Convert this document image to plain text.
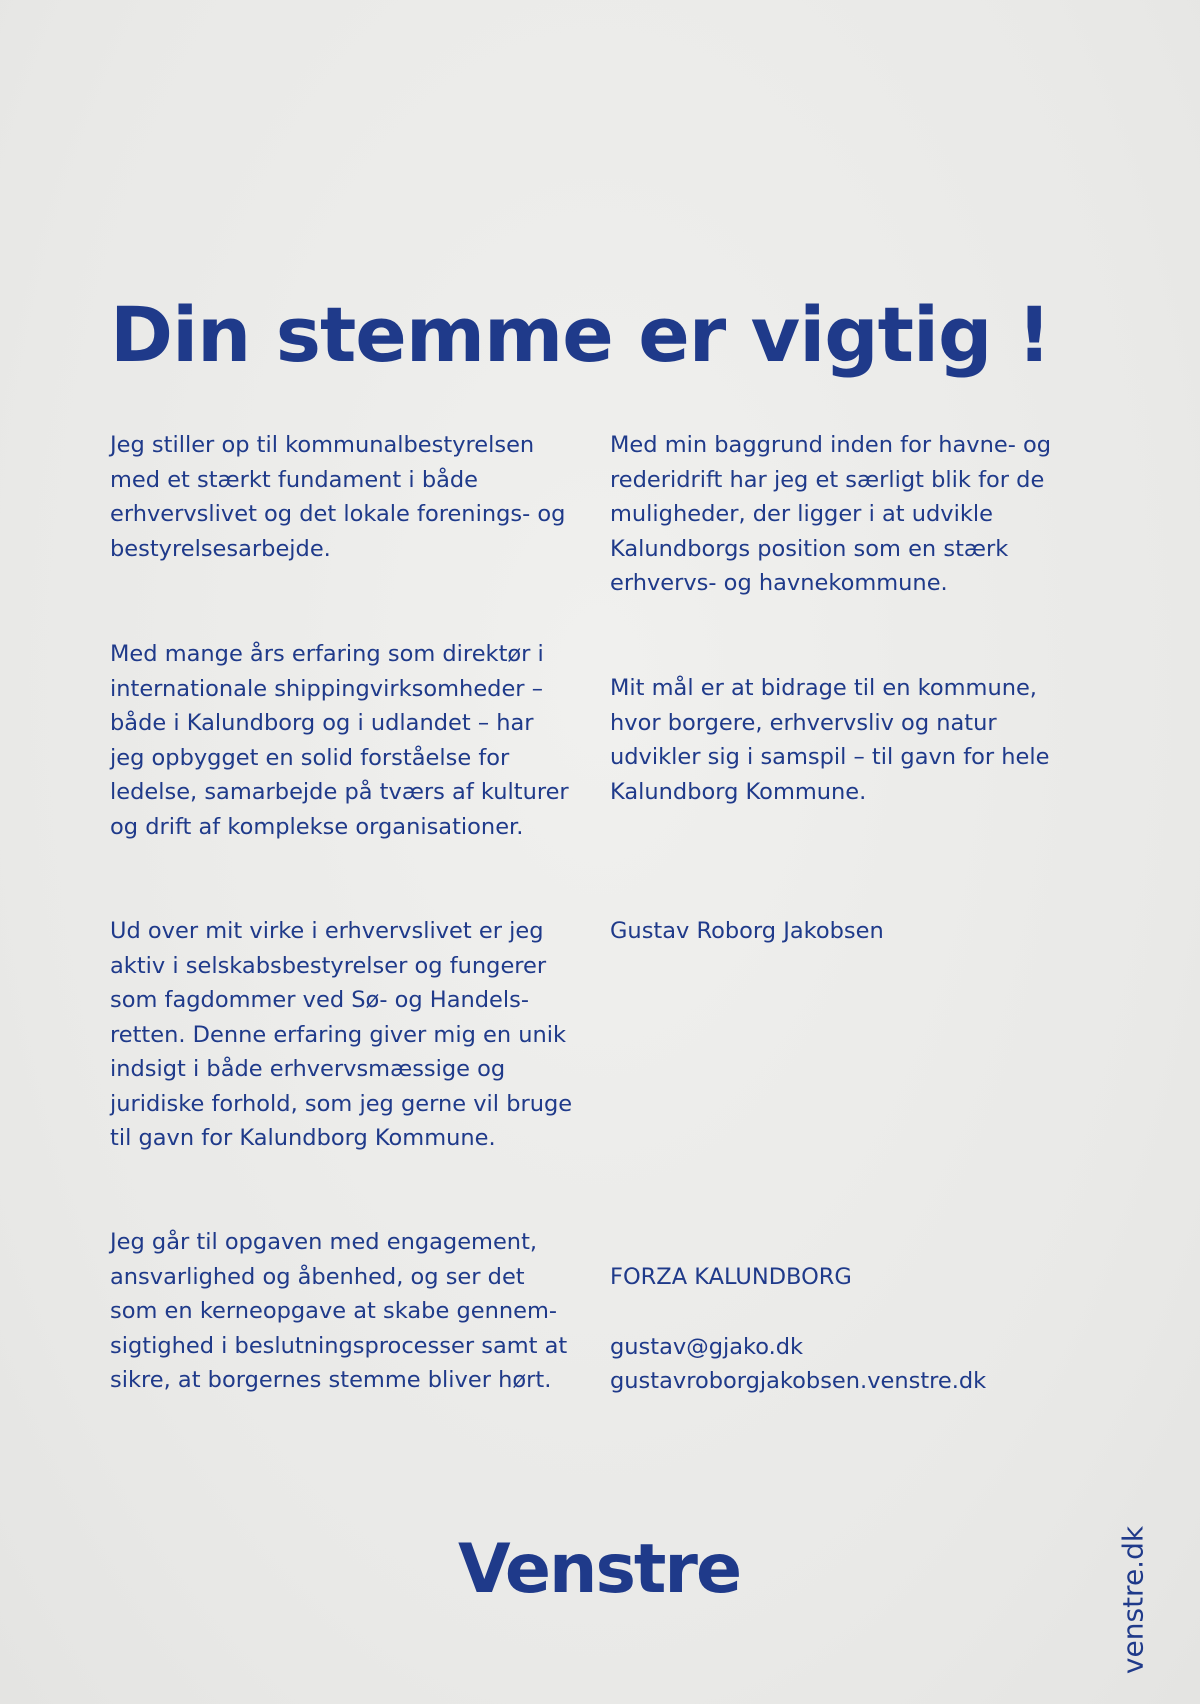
Din stemme er vigtig !

Jeg stiller op til kommunalbestyrelsen
med et stærkt fundament i både
erhvervslivet og det lokale forenings- og
bestyrelsesarbejde.

Med mange års erfaring som direktør i
internationale shippingvirksomheder –
både i Kalundborg og i udlandet – har
jeg opbygget en solid forståelse for
ledelse, samarbejde på tværs af kulturer
og drift af komplekse organisationer.

Ud over mit virke i erhvervslivet er jeg
aktiv i selskabsbestyrelser og fungerer
som fagdommer ved Sø- og Handels-
retten. Denne erfaring giver mig en unik
indsigt i både erhvervsmæssige og
juridiske forhold, som jeg gerne vil bruge
til gavn for Kalundborg Kommune.

Jeg går til opgaven med engagement,
ansvarlighed og åbenhed, og ser det
som en kerneopgave at skabe gennem-
sigtighed i beslutningsprocesser samt at
sikre, at borgernes stemme bliver hørt.

Med min baggrund inden for havne- og
rederidrift har jeg et særligt blik for de
muligheder, der ligger i at udvikle
Kalundborgs position som en stærk
erhvervs- og havnekommune.

Mit mål er at bidrage til en kommune,
hvor borgere, erhvervsliv og natur
udvikler sig i samspil – til gavn for hele
Kalundborg Kommune.

Gustav Roborg Jakobsen

FORZA KALUNDBORG

gustav@gjako.dk

gustavroborgjakobsen.venstre.dk

Venstre	venstre.dk
